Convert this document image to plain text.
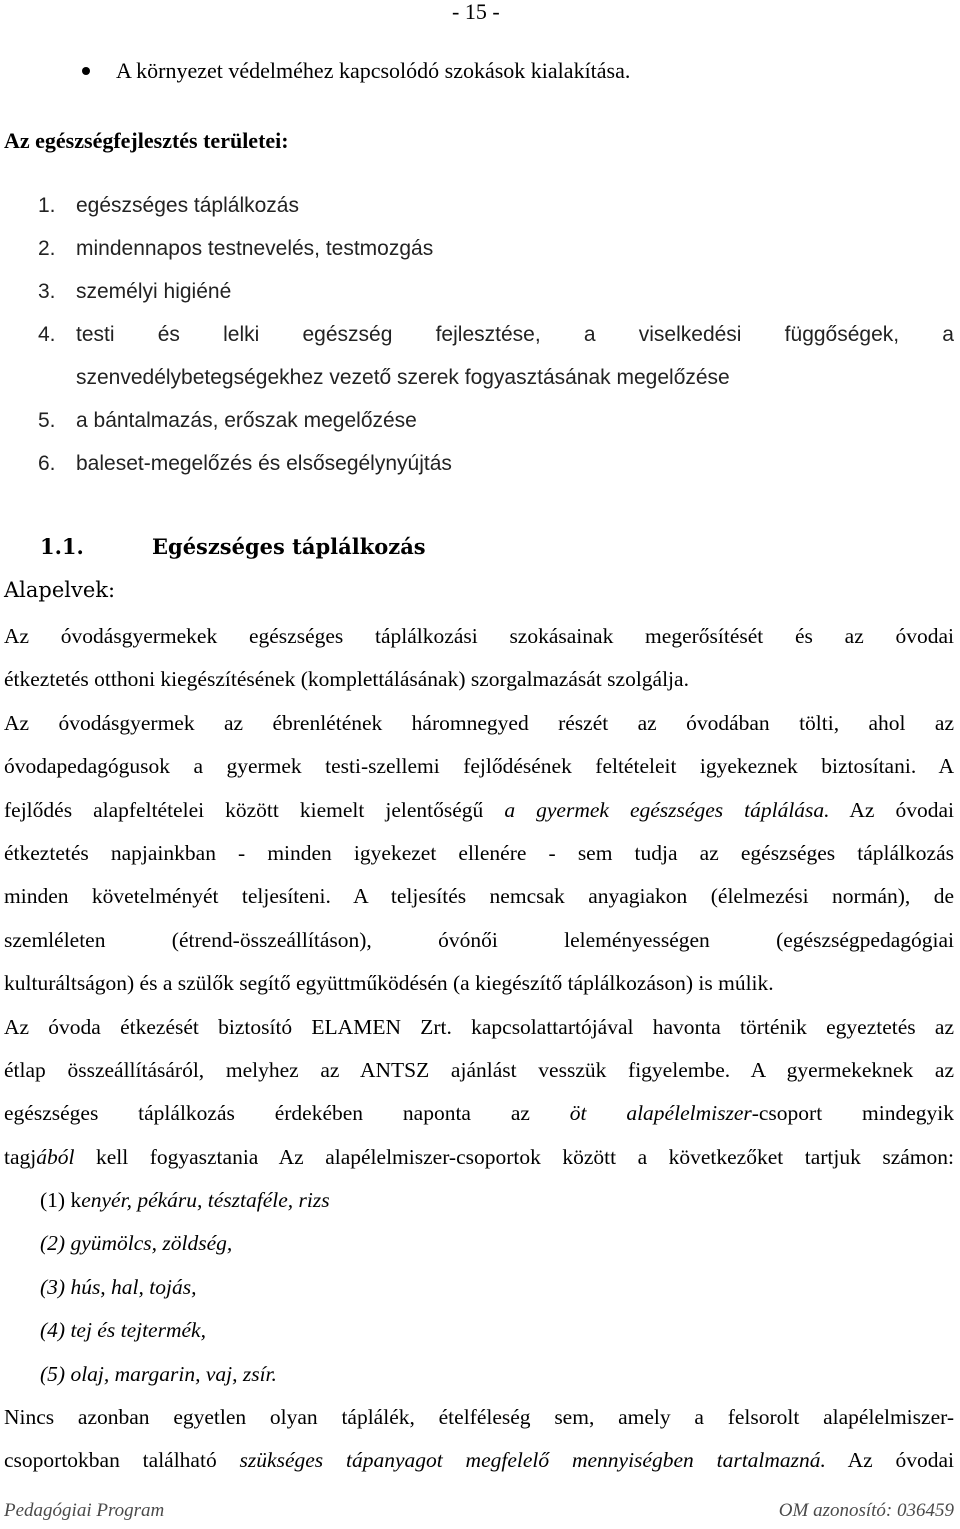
- 15 -
A környezet védelméhez kapcsolódó szokások kialakítása.
Az egészségfejlesztés területei:
1. egészséges táplálkozás
2. mindennapos testnevelés, testmozgás
3. személyi higiéné
4. testi és lelki egészség fejlesztése, a viselkedési függőségek, a
szenvedélybetegségekhez vezető szerek fogyasztásának megelőzése
5. a bántalmazás, erőszak megelőzése
6. baleset-megelőzés és elsősegélynyújtás
1.1.	Egészséges táplálkozás
Alapelvek:
Az óvodásgyermekek egészséges táplálkozási szokásainak megerősítését és az óvodai
étkeztetés otthoni kiegészítésének (komplettálásának) szorgalmazását szolgálja.
Az óvodásgyermek az ébrenlétének háromnegyed részét az óvodában tölti, ahol az
óvodapedagógusok a gyermek testi-szellemi fejlődésének feltételeit igyekeznek biztosítani. A
fejlődés alapfeltételei között kiemelt jelentőségű a gyermek egészséges táplálása. Az óvodai
étkeztetés napjainkban - minden igyekezet ellenére - sem tudja az egészséges táplálkozás
minden követelményét teljesíteni. A teljesítés nemcsak anyagiakon (élelmezési normán), de
szemléleten (étrend-összeállításon), óvónői leleményességen (egészségpedagógiai
kulturáltságon) és a szülők segítő együttműködésén (a kiegészítő táplálkozáson) is múlik.
Az óvoda étkezését biztosító ELAMEN Zrt. kapcsolattartójával havonta történik egyeztetés az
étlap összeállításáról, melyhez az ANTSZ ajánlást vesszük figyelembe. A gyermekeknek az
egészséges táplálkozás érdekében naponta az öt alapélelmiszer-csoport mindegyik
tagjából kell fogyasztania Az alapélelmiszer-csoportok között a következőket tartjuk számon:
(1) kenyér, pékáru, tésztaféle, rizs
(2) gyümölcs, zöldség,
(3) hús, hal, tojás,
(4) tej és tejtermék,
(5) olaj, margarin, vaj, zsír.
Nincs azonban egyetlen olyan táplálék, ételféleség sem, amely a felsorolt alapélelmiszer-
csoportokban található szükséges tápanyagot megfelelő mennyiségben tartalmazná. Az óvodai
Pedagógiai Program	OM azonosító: 036459
